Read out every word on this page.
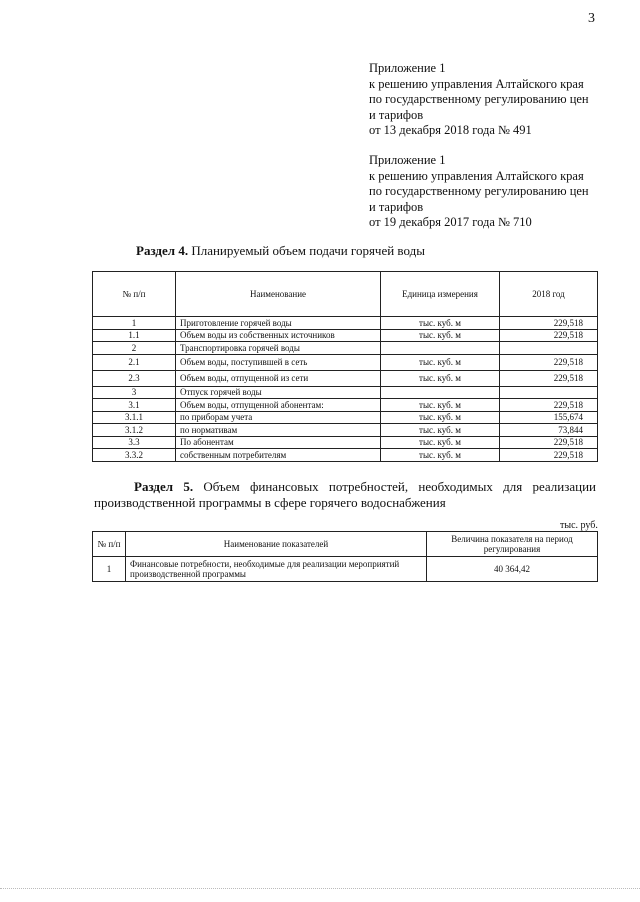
3
Приложение 1
к решению управления Алтайского края
по государственному регулированию цен
и тарифов
от 13 декабря 2018 года № 491
Приложение 1
к решению управления Алтайского края
по государственному регулированию цен
и тарифов
от 19 декабря 2017 года № 710
Раздел 4. Планируемый объем подачи горячей воды
№ п/п	Наименование	Единица измерения	2018 год
1	Приготовление горячей воды	тыс. куб. м	229,518
1.1	Объем воды из собственных источников	тыс. куб. м	229,518
2	Транспортировка горячей воды		
2.1	Объем воды, поступившей в сеть	тыс. куб. м	229,518
2.3	Объем воды, отпущенной из сети	тыс. куб. м	229,518
3	Отпуск горячей воды		
3.1	Объем воды, отпущенной абонентам:	тыс. куб. м	229,518
3.1.1	по приборам учета	тыс. куб. м	155,674
3.1.2	по нормативам	тыс. куб. м	73,844
3.3	По абонентам	тыс. куб. м	229,518
3.3.2	собственным потребителям	тыс. куб. м	229,518
Раздел 5. Объем финансовых потребностей, необходимых для реализации производственной программы в сфере горячего водоснабжения
тыс. руб.
№ п/п	Наименование показателей	Величина показателя на период регулирования
1	Финансовые потребности, необходимые для реализации мероприятий производственной программы	40 364,42
